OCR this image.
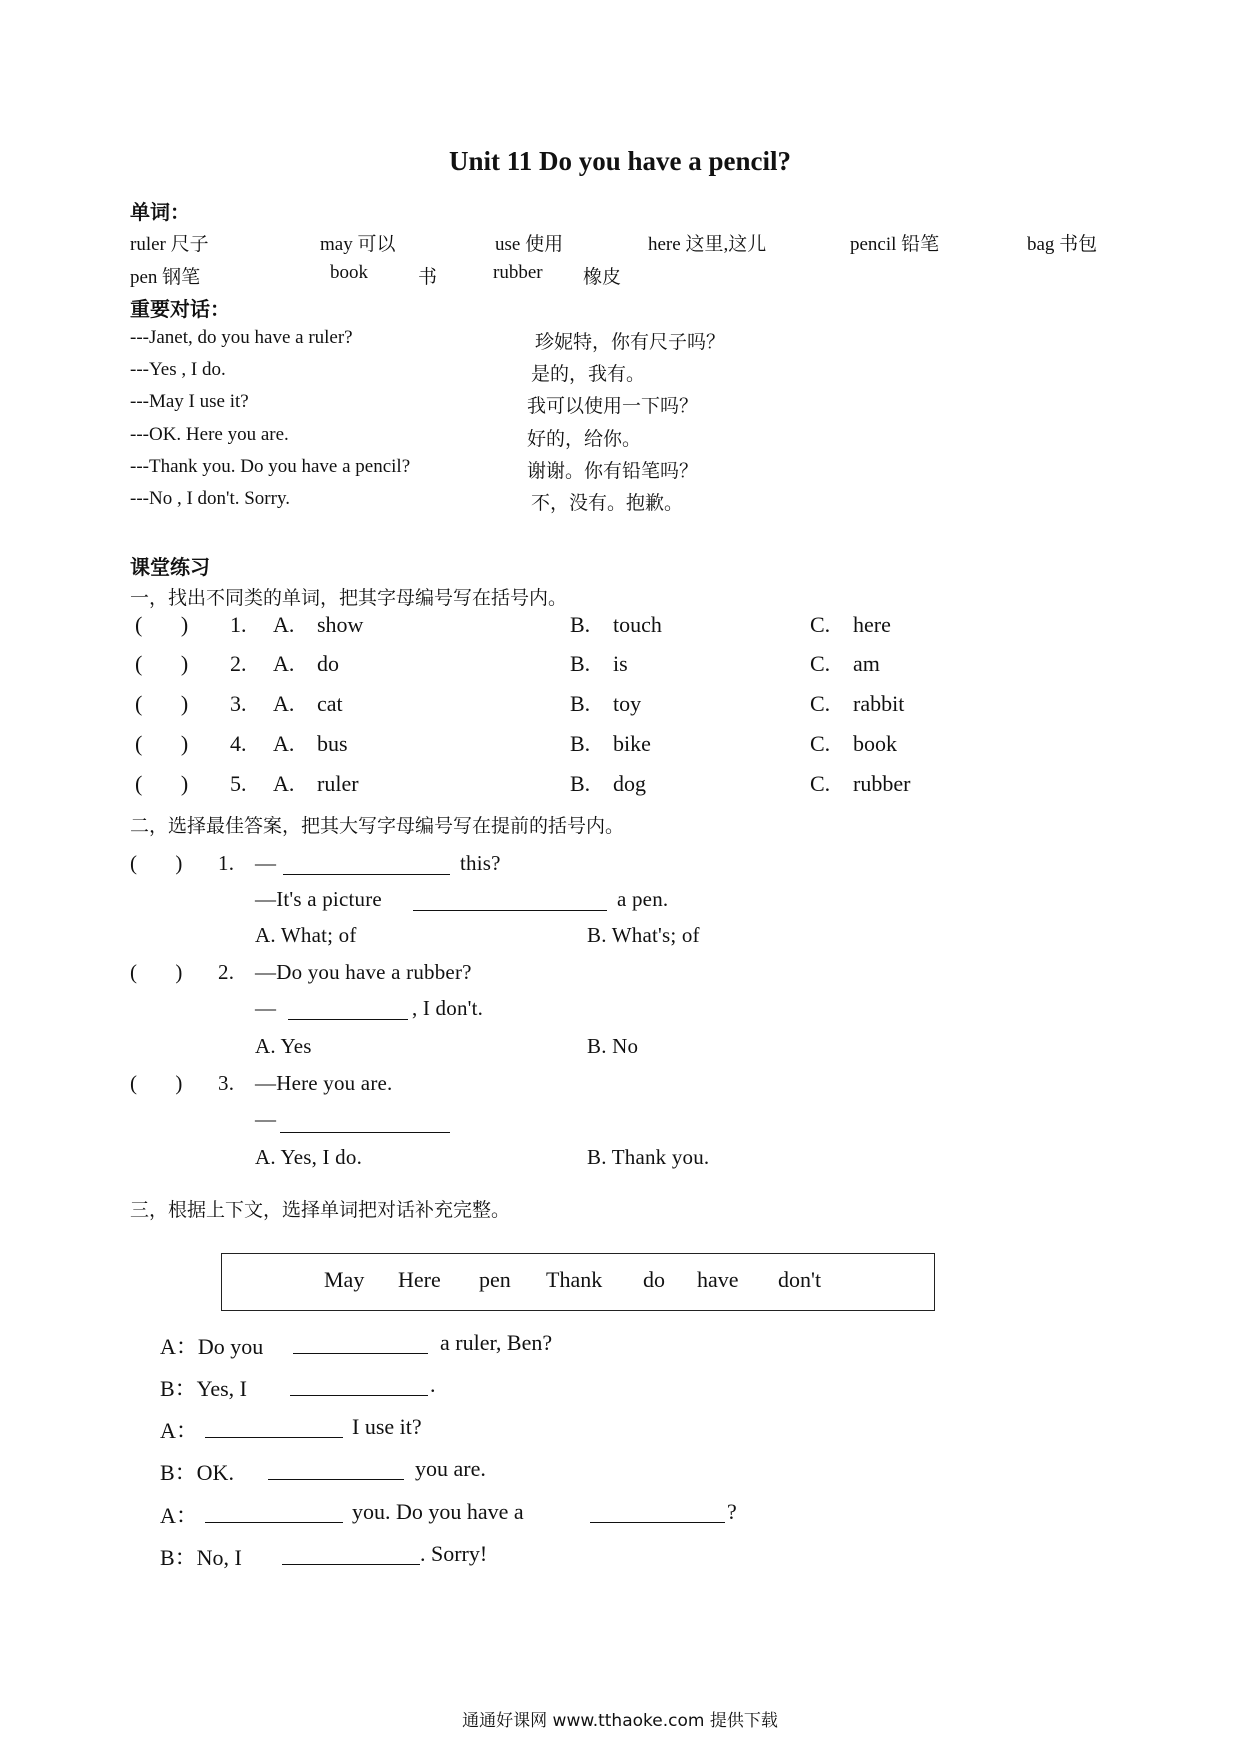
Unit 11 Do you have a pencil?
单词：
ruler 尺子	may 可以	use 使用	here 这里,这儿	pencil 铅笔	bag 书包
pen 钢笔	book	书	rubber 橡皮
重要对话：
---Janet, do you have a ruler?	珍妮特，你有尺子吗？
---Yes , I do.	是的，我有。
---May I use it?	我可以使用一下吗？
---OK. Here you are.	好的，给你。
---Thank you. Do you have a pencil?	谢谢。你有铅笔吗？
---No , I don't. Sorry.	不，没有。抱歉。
课堂练习
一，找出不同类的单词，把其字母编号写在括号内。
(       ) 1. A. show	B. touch	C. here
(       ) 2. A. do	B. is	C. am
(       ) 3. A. cat	B. toy	C. rabbit
(       ) 4. A. bus	B. bike	C. book
(       ) 5. A. ruler	B. dog	C. rubber
二，选择最佳答案，把其大写字母编号写在提前的括号内。
(       ) 1. —	this?
—It's a picture	a pen.
A. What; of	B. What's; of
(       ) 2. —Do you have a rubber?
—	, I don't.
A. Yes	B. No
(       ) 3. —Here you are.
—
A. Yes, I do.	B. Thank you.
三，根据上下文，选择单词把对话补充完整。
May Here pen Thank do have don't
A：Do you	a ruler, Ben?
B：Yes, I	.
A：	I use it?
B：OK.	you are.
A：	you. Do you have a	?
B：No, I	. Sorry!
通通好课网 www.tthaoke.com 提供下载
